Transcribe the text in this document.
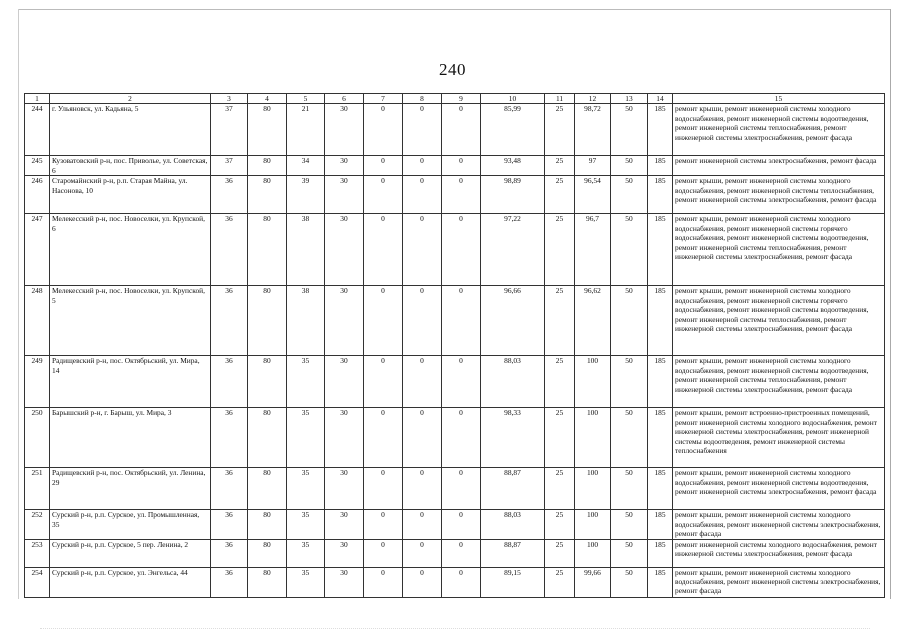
240
1	2	3	4	5	6	7	8	9	10	11	12	13	14	15
244	г. Ульяновск, ул. Кадьяна, 5	37	80	21	30	0	0	0	85,99	25	98,72	50	185	ремонт крыши, ремонт инженерной системы холодного водоснабжения, ремонт инженерной системы водоотведения, ремонт инженерной системы теплоснабжения, ремонт инженерной системы электроснабжения, ремонт фасада
245	Кузоватовский р-н, пос. Приволье, ул. Советская, 6	37	80	34	30	0	0	0	93,48	25	97	50	185	ремонт инженерной системы электроснабжения, ремонт фасада
246	Старомайнский р-н, р.п. Старая Майна, ул. Насонова, 10	36	80	39	30	0	0	0	98,89	25	96,54	50	185	ремонт крыши, ремонт инженерной системы холодного водоснабжения, ремонт инженерной системы теплоснабжения, ремонт инженерной системы электроснабжения, ремонт фасада
247	Мелекесский р-н, пос. Новоселки, ул. Крупской, 6	36	80	38	30	0	0	0	97,22	25	96,7	50	185	ремонт крыши, ремонт инженерной системы холодного водоснабжения, ремонт инженерной системы горячего водоснабжения, ремонт инженерной системы водоотведения, ремонт инженерной системы теплоснабжения, ремонт инженерной системы электроснабжения, ремонт фасада
248	Мелекесский р-н, пос. Новоселки, ул. Крупской, 5	36	80	38	30	0	0	0	96,66	25	96,62	50	185	ремонт крыши, ремонт инженерной системы холодного водоснабжения, ремонт инженерной системы горячего водоснабжения, ремонт инженерной системы водоотведения, ремонт инженерной системы теплоснабжения, ремонт инженерной системы электроснабжения, ремонт фасада
249	Радищевский р-н, пос. Октябрьский, ул. Мира, 14	36	80	35	30	0	0	0	88,03	25	100	50	185	ремонт крыши, ремонт инженерной системы холодного водоснабжения, ремонт инженерной системы водоотведения, ремонт инженерной системы теплоснабжения, ремонт инженерной системы электроснабжения, ремонт фасада
250	Барышский р-н, г. Барыш, ул. Мира, 3	36	80	35	30	0	0	0	98,33	25	100	50	185	ремонт крыши, ремонт встроенно-пристроенных помещений, ремонт инженерной системы холодного водоснабжения, ремонт инженерной системы электроснабжения, ремонт инженерной системы водоотведения, ремонт инженерной системы теплоснабжения
251	Радищевский р-н, пос. Октябрьский, ул. Ленина, 29	36	80	35	30	0	0	0	88,87	25	100	50	185	ремонт крыши, ремонт инженерной системы холодного водоснабжения, ремонт инженерной системы водоотведения, ремонт инженерной системы электроснабжения, ремонт фасада
252	Сурский р-н, р.п. Сурское, ул. Промышленная, 35	36	80	35	30	0	0	0	88,03	25	100	50	185	ремонт крыши, ремонт инженерной системы холодного водоснабжения, ремонт инженерной системы электроснабжения, ремонт фасада
253	Сурский р-н, р.п. Сурское, 5 пер. Ленина, 2	36	80	35	30	0	0	0	88,87	25	100	50	185	ремонт инженерной системы холодного водоснабжения, ремонт инженерной системы электроснабжения, ремонт фасада
254	Сурский р-н, р.п. Сурское, ул. Энгельса, 44	36	80	35	30	0	0	0	89,15	25	99,66	50	185	ремонт крыши, ремонт инженерной системы холодного водоснабжения, ремонт инженерной системы электроснабжения, ремонт фасада
